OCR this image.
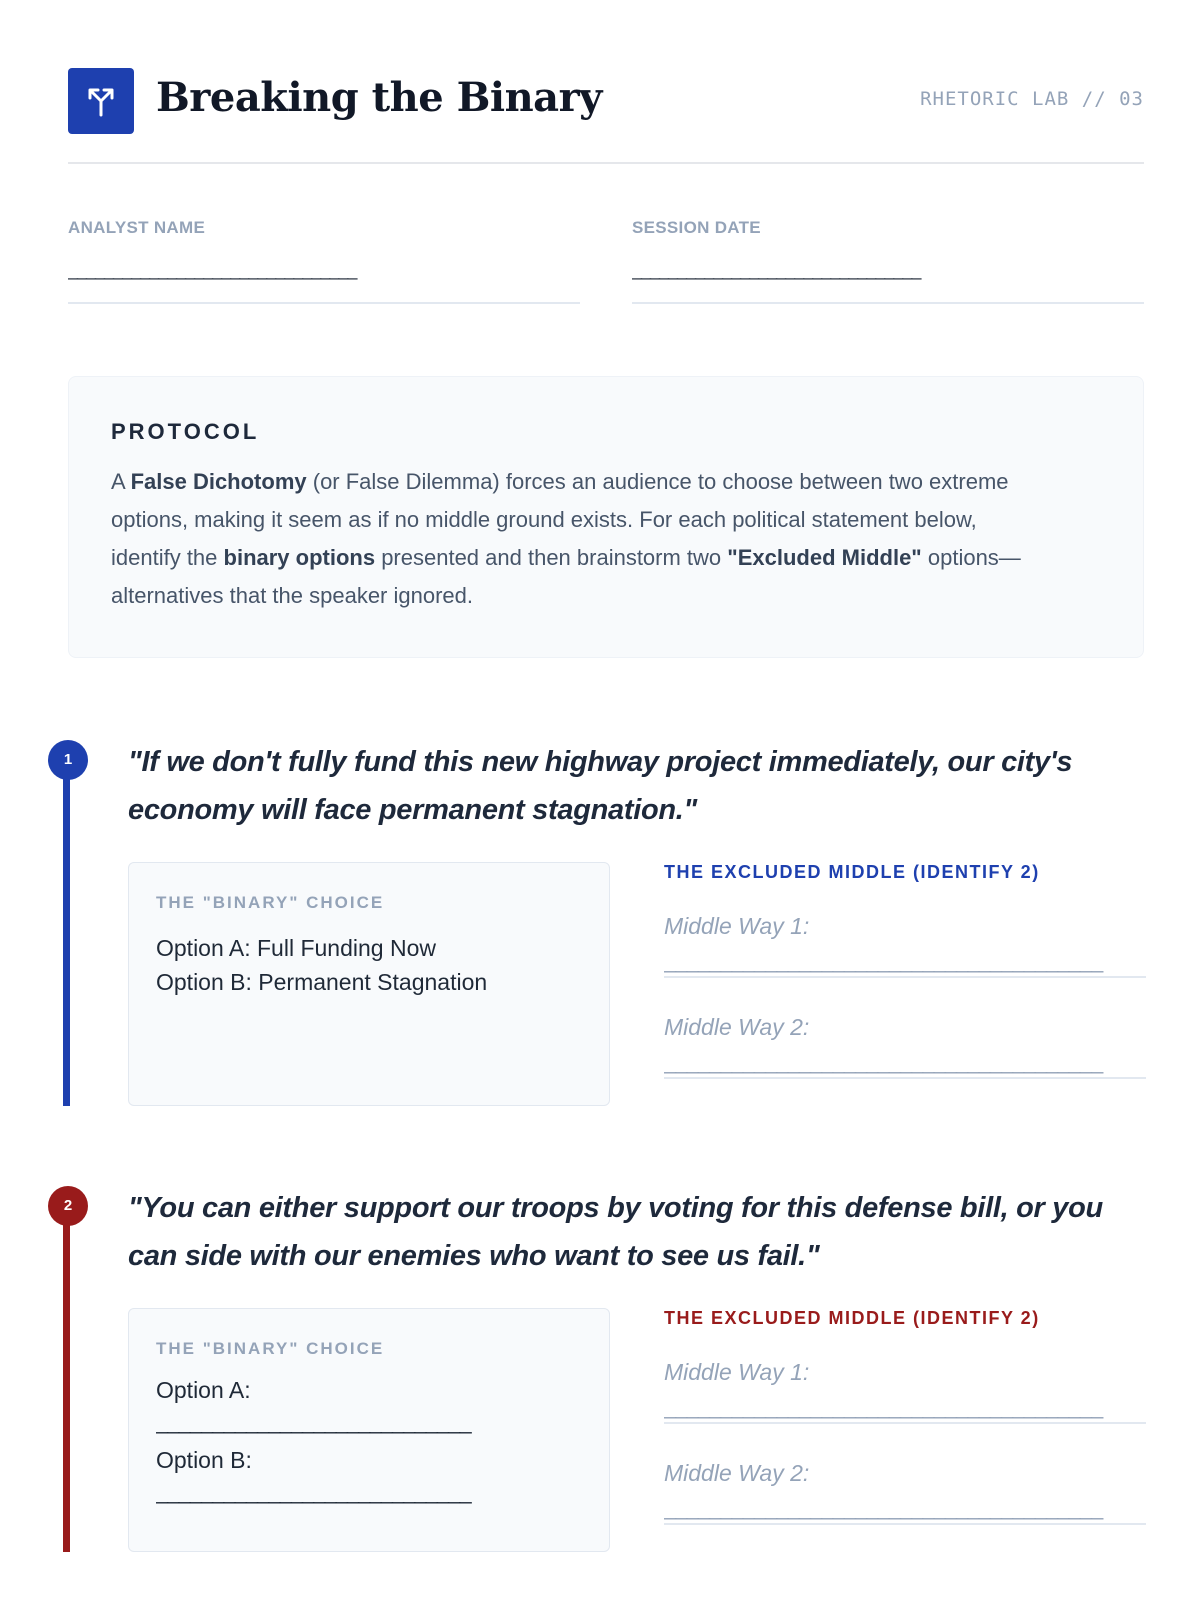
Breaking the Binary	RHETORIC LAB // 03
ANALYST NAME
________________________________
SESSION DATE
________________________________
PROTOCOL
A False Dichotomy (or False Dilemma) forces an audience to choose between two extreme options, making it seem as if no middle ground exists. For each political statement below, identify the binary options presented and then brainstorm two "Excluded Middle" options—alternatives that the speaker ignored.
1	"If we don't fully fund this new highway project immediately, our city's economy will face permanent stagnation."
THE "BINARY" CHOICE
Option A: Full Funding Now
Option B: Permanent Stagnation
THE EXCLUDED MIDDLE (IDENTIFY 2)
Middle Way 1:
_______________________________________
Middle Way 2:
_______________________________________
2	"You can either support our troops by voting for this defense bill, or you can side with our enemies who want to see us fail."
THE "BINARY" CHOICE
Option A:
____________________________
Option B:
____________________________
THE EXCLUDED MIDDLE (IDENTIFY 2)
Middle Way 1:
_______________________________________
Middle Way 2:
_______________________________________
